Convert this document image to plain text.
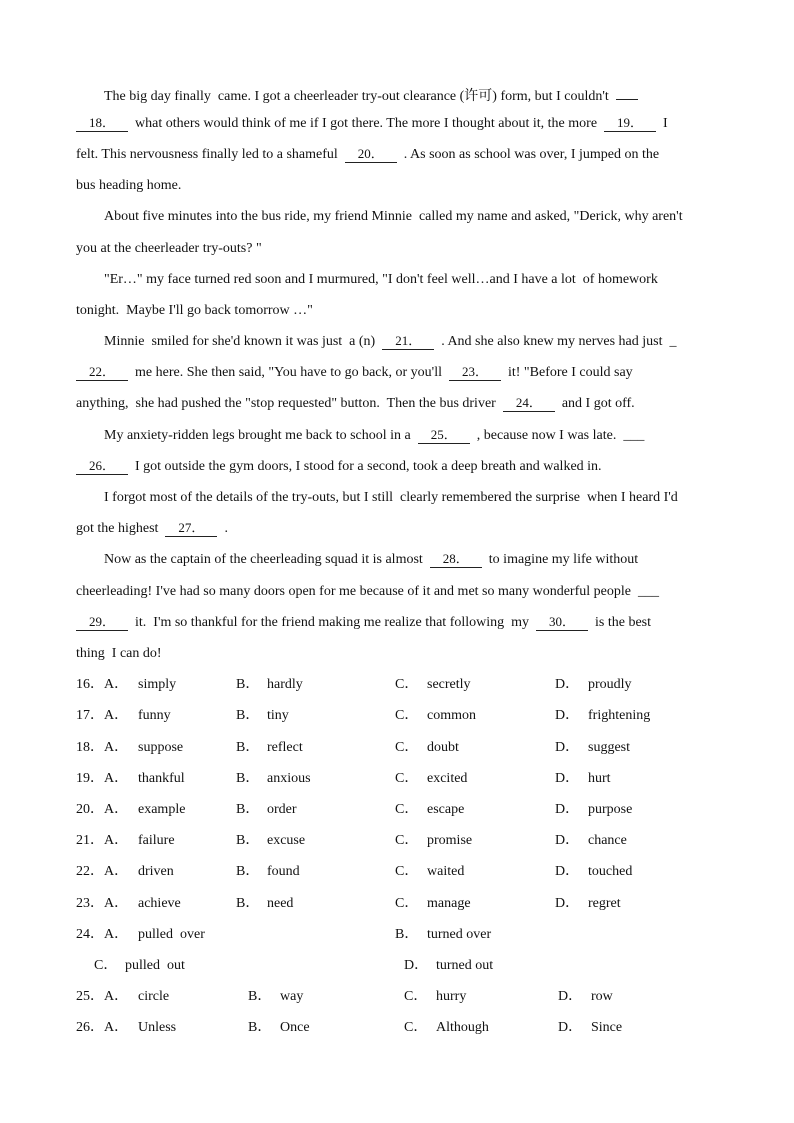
The big day finally  came. I got a cheerleader try-out clearance (许可) form, but I couldn't
18．  what others would think of me if I got there. The more I thought about it, the more  19．  I
felt. This nervousness finally led to a shameful  20．  . As soon as school was over, I jumped on the
bus heading home.
About five minutes into the bus ride, my friend Minnie  called my name and asked, "Derick, why aren't
you at the cheerleader try-outs? "
"Er…" my face turned red soon and I murmured, "I don't feel well…and I have a lot  of homework
tonight.  Maybe I'll go back tomorrow …"
Minnie  smiled for she'd known it was just  a (n)  21．  . And she also knew my nerves had just  _
22．  me here. She then said, "You have to go back, or you'll  23．  it! "Before I could say
anything,  she had pushed the "stop requested" button.  Then the bus driver  24．  and I got off.
My anxiety-ridden legs brought me back to school in a  25．  , because now I was late.  ___
26．  I got outside the gym doors, I stood for a second, took a deep breath and walked in.
I forgot most of the details of the try-outs, but I still  clearly remembered the surprise  when I heard I'd
got the highest  27．  .
Now as the captain of the cheerleading squad it is almost  28．  to imagine my life without
cheerleading! I've had so many doors open for me because of it and met so many wonderful people  ___
29．  it.  I'm so thankful for the friend making me realize that following  my  30．  is the best
thing  I can do!
16．A． simply	B． hardly	C． secretly	D． proudly
17．A． funny	B． tiny	C． common	D． frightening
18．A． suppose	B． reflect	C． doubt	D． suggest
19．A． thankful	B． anxious	C． excited	D． hurt
20．A． example	B． order	C． escape	D． purpose
21．A． failure	B． excuse	C． promise	D． chance
22．A． driven	B． found	C． waited	D． touched
23．A． achieve	B． need	C． manage	D． regret
24．A． pulled  over	B． turned over
C． pulled  out	D． turned out
25．A． circle	B． way	C． hurry	D． row
26．A． Unless	B． Once	C． Although	D． Since
